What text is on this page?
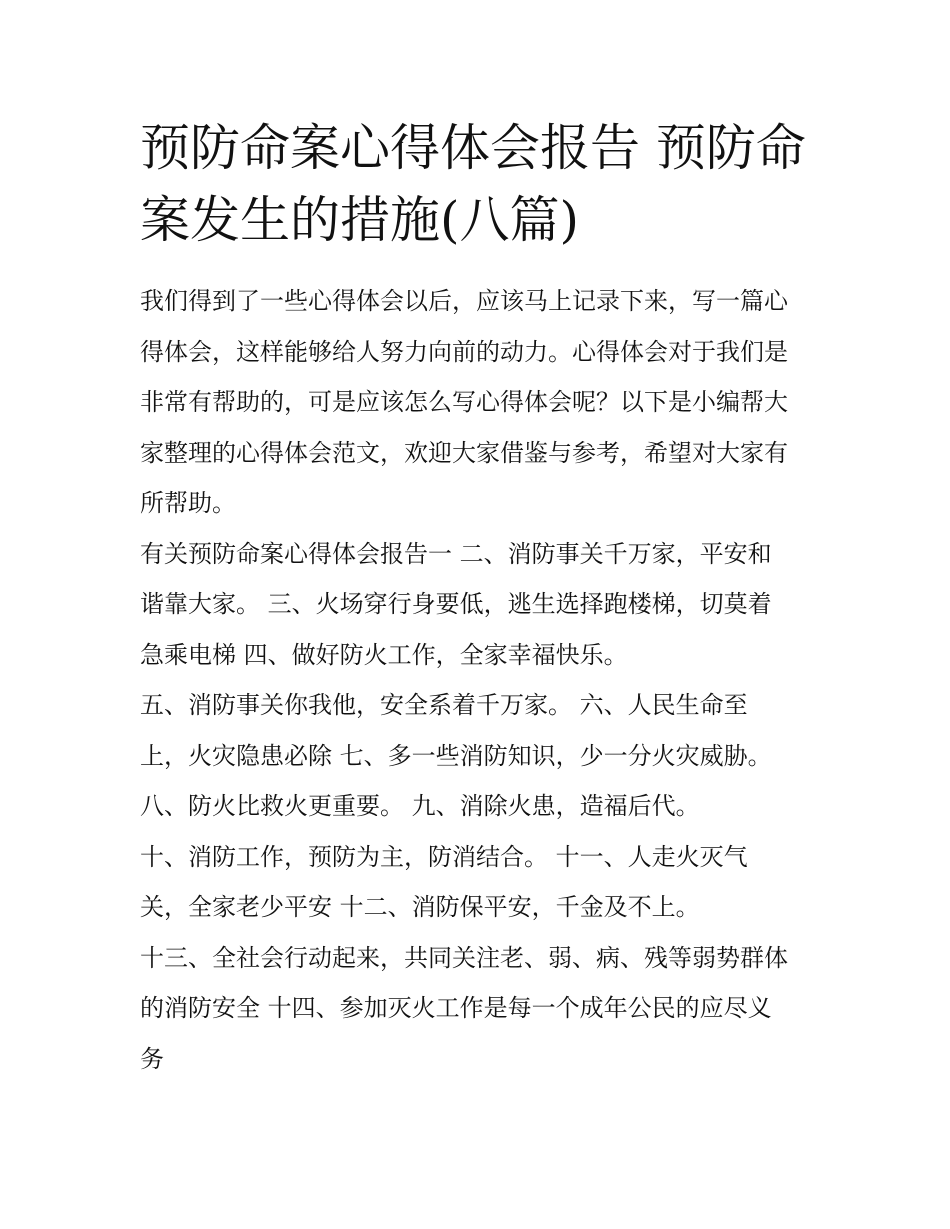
预防命案心得体会报告 预防命
案发生的措施(八篇)

我们得到了一些心得体会以后，应该马上记录下来，写一篇心
得体会，这样能够给人努力向前的动力。心得体会对于我们是
非常有帮助的，可是应该怎么写心得体会呢？以下是小编帮大
家整理的心得体会范文，欢迎大家借鉴与参考，希望对大家有
所帮助。

有关预防命案心得体会报告一 二、消防事关千万家，平安和
谐靠大家。 三、火场穿行身要低，逃生选择跑楼梯，切莫着
急乘电梯 四、做好防火工作，全家幸福快乐。

五、消防事关你我他，安全系着千万家。 六、人民生命至
上，火灾隐患必除 七、多一些消防知识，少一分火灾威胁。

八、防火比救火更重要。 九、消除火患，造福后代。

十、消防工作，预防为主，防消结合。 十一、人走火灭气
关，全家老少平安 十二、消防保平安，千金及不上。

十三、全社会行动起来，共同关注老、弱、病、残等弱势群体
的消防安全 十四、参加灭火工作是每一个成年公民的应尽义
务
